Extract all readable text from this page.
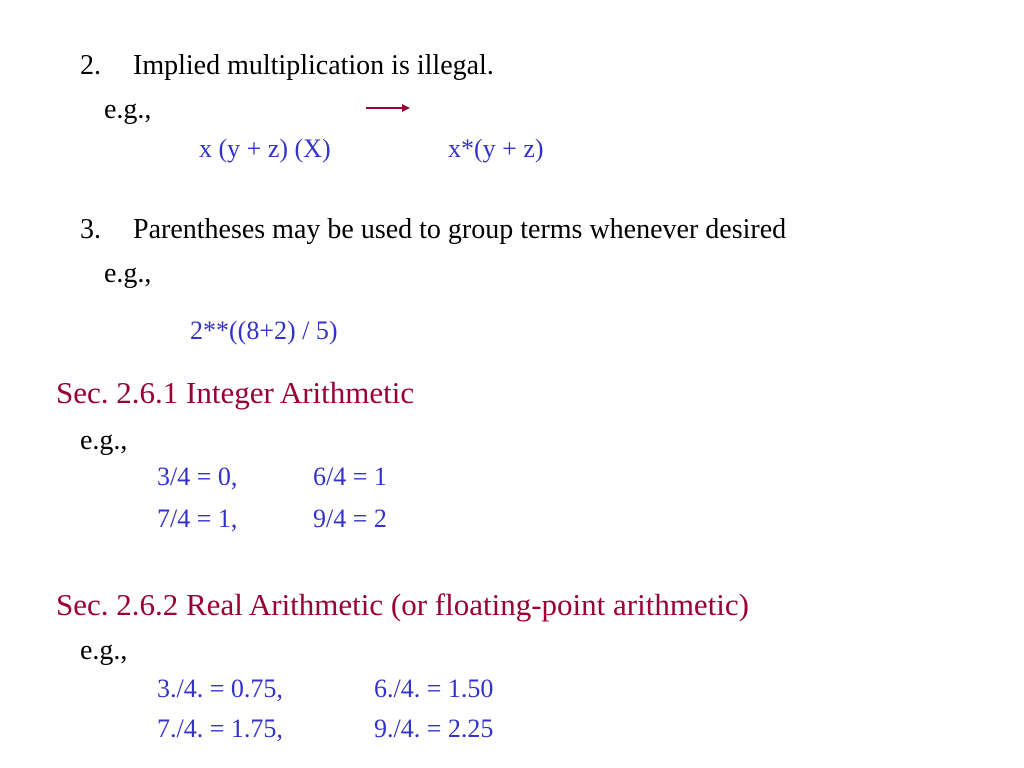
2. Implied multiplication is illegal.
e.g.,
x (y + z) (X)	x*(y + z)
3. Parentheses may be used to group terms whenever desired
e.g.,
2**((8+2) / 5)
Sec. 2.6.1 Integer Arithmetic
e.g.,
3/4 = 0,	6/4 = 1
7/4 = 1,	9/4 = 2
Sec. 2.6.2 Real Arithmetic (or floating-point arithmetic)
e.g.,
3./4. = 0.75,	6./4. = 1.50
7./4. = 1.75,	9./4. = 2.25
